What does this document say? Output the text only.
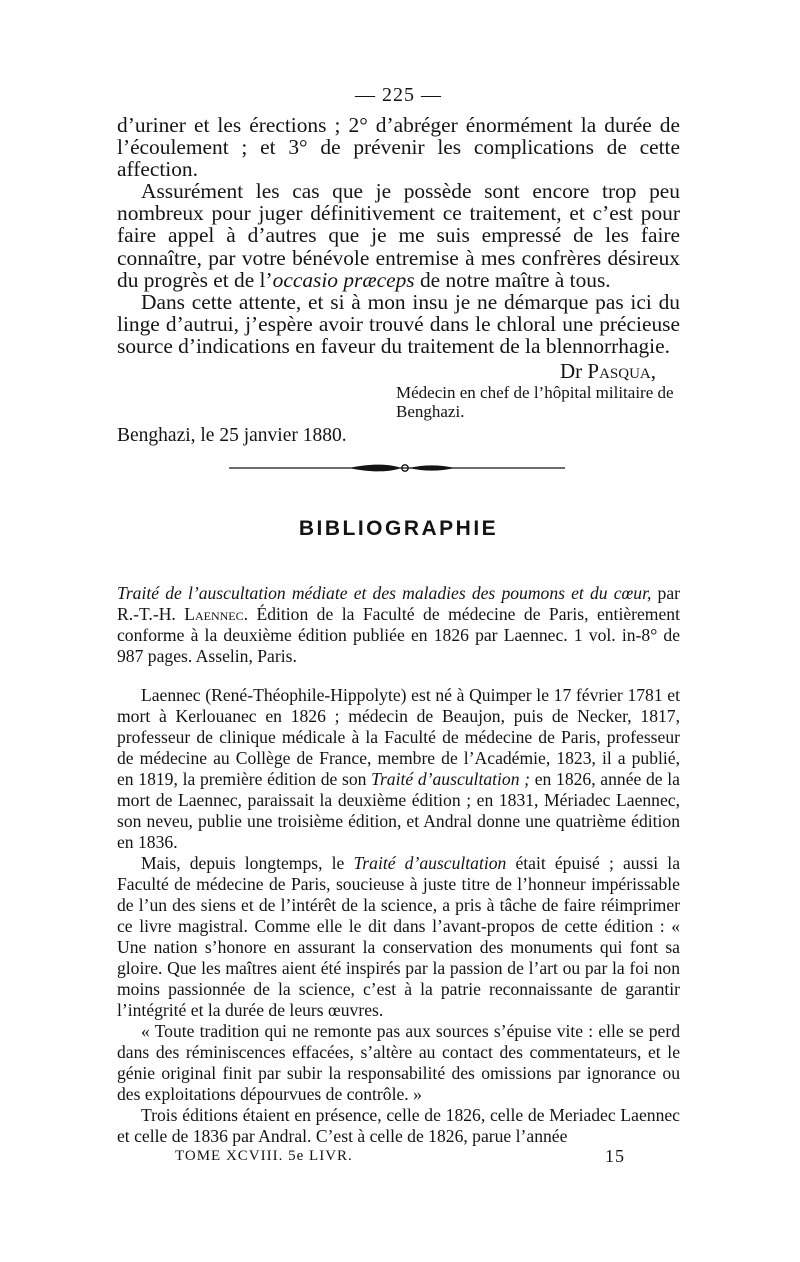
— 225 —

d’uriner et les érections ; 2° d’abréger énormément la durée de l’écoulement ; et 3° de prévenir les complications de cette affection.

Assurément les cas que je possède sont encore trop peu nombreux pour juger définitivement ce traitement, et c’est pour faire appel à d’autres que je me suis empressé de les faire connaître, par votre bénévole entremise à mes confrères désireux du progrès et de l’occasio præceps de notre maître à tous.

Dans cette attente, et si à mon insu je ne démarque pas ici du linge d’autrui, j’espère avoir trouvé dans le chloral une précieuse source d’indications en faveur du traitement de la blennorrhagie.

Dr Pasqua,
Médecin en chef de l’hôpital militaire de Benghazi.
Benghazi, le 25 janvier 1880.
BIBLIOGRAPHIE

Traité de l’auscultation médiate et des maladies des poumons et du cœur, par R.-T.-H. Laennec. Édition de la Faculté de médecine de Paris, entièrement conforme à la deuxième édition publiée en 1826 par Laennec. 1 vol. in-8° de 987 pages. Asselin, Paris.

Laennec (René-Théophile-Hippolyte) est né à Quimper le 17 février 1781 et mort à Kerlouanec en 1826 ; médecin de Beaujon, puis de Necker, 1817, professeur de clinique médicale à la Faculté de médecine de Paris, professeur de médecine au Collège de France, membre de l’Académie, 1823, il a publié, en 1819, la première édition de son Traité d’auscultation ; en 1826, année de la mort de Laennec, paraissait la deuxième édition ; en 1831, Mériadec Laennec, son neveu, publie une troisième édition, et Andral donne une quatrième édition en 1836.

Mais, depuis longtemps, le Traité d’auscultation était épuisé ; aussi la Faculté de médecine de Paris, soucieuse à juste titre de l’honneur impérissable de l’un des siens et de l’intérêt de la science, a pris à tâche de faire réimprimer ce livre magistral. Comme elle le dit dans l’avant-propos de cette édition : « Une nation s’honore en assurant la conservation des monuments qui font sa gloire. Que les maîtres aient été inspirés par la passion de l’art ou par la foi non moins passionnée de la science, c’est à la patrie reconnaissante de garantir l’intégrité et la durée de leurs œuvres.

« Toute tradition qui ne remonte pas aux sources s’épuise vite : elle se perd dans des réminiscences effacées, s’altère au contact des commentateurs, et le génie original finit par subir la responsabilité des omissions par ignorance ou des exploitations dépourvues de contrôle. »

Trois éditions étaient en présence, celle de 1826, celle de Meriadec Laennec et celle de 1836 par Andral. C’est à celle de 1826, parue l’année

TOME XCVIII. 5e LIVR.	15
